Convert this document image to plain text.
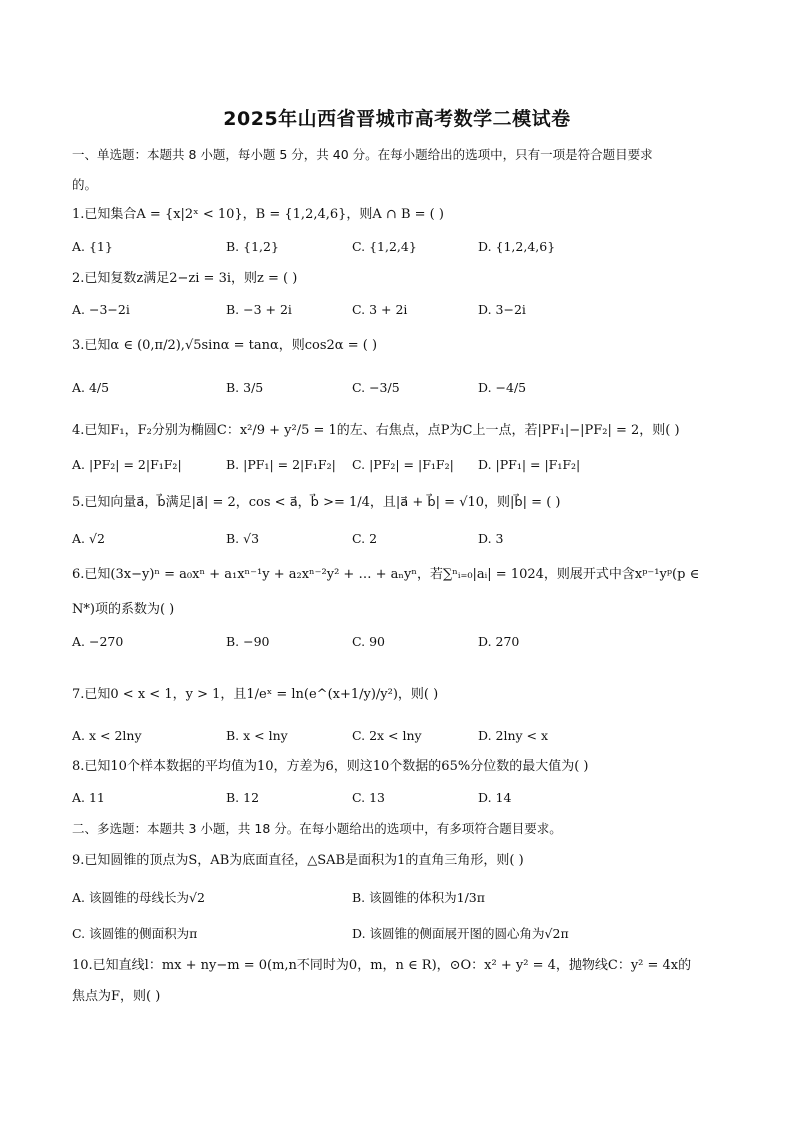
2025年山西省晋城市高考数学二模试卷
一、单选题：本题共 8 小题，每小题 5 分，共 40 分。在每小题给出的选项中，只有一项是符合题目要求
的。
1.已知集合A = {x|2ˣ < 10}，B = {1,2,4,6}，则A ∩ B = ( )
A. {1}	B. {1,2}	C. {1,2,4}	D. {1,2,4,6}
2.已知复数z满足2−zi = 3i，则z = ( )
A. −3−2i	B. −3 + 2i	C. 3 + 2i	D. 3−2i
3.已知α ∈ (0,π/2),√5sinα = tanα，则cos2α = ( )
A. 4/5	B. 3/5	C. −3/5	D. −4/5
4.已知F₁，F₂分别为椭圆C：x²/9 + y²/5 = 1的左、右焦点，点P为C上一点，若|PF₁|−|PF₂| = 2，则( )
A. |PF₂| = 2|F₁F₂|	B. |PF₁| = 2|F₁F₂| C. |PF₂| = |F₁F₂| D. |PF₁| = |F₁F₂|
5.已知向量a⃗，b⃗满足|a⃗| = 2，cos < a⃗，b⃗ >= 1/4，且|a⃗ + b⃗| = √10，则|b⃗| = ( )
A. √2	B. √3	C. 2	D. 3
6.已知(3x−y)ⁿ = a₀xⁿ + a₁xⁿ⁻¹y + a₂xⁿ⁻²y² + … + aₙyⁿ，若∑ⁿᵢ₌₀|aᵢ| = 1024，则展开式中含xᵖ⁻¹yᵖ(p ∈
N*)项的系数为( )
A. −270	B. −90	C. 90	D. 270
7.已知0 < x < 1，y > 1，且1/eˣ = ln(e^(x+1/y)/y²)，则( )
A. x < 2lny	B. x < lny	C. 2x < lny	D. 2lny < x
8.已知10个样本数据的平均值为10，方差为6，则这10个数据的65%分位数的最大值为( )
A. 11	B. 12	C. 13	D. 14
二、多选题：本题共 3 小题，共 18 分。在每小题给出的选项中，有多项符合题目要求。
9.已知圆锥的顶点为S，AB为底面直径，△SAB是面积为1的直角三角形，则( )
A. 该圆锥的母线长为√2	B. 该圆锥的体积为1/3π
C. 该圆锥的侧面积为π	D. 该圆锥的侧面展开图的圆心角为√2π
10.已知直线l：mx + ny−m = 0(m,n不同时为0，m，n ∈ R)，⊙O：x² + y² = 4，抛物线C：y² = 4x的
焦点为F，则( )
